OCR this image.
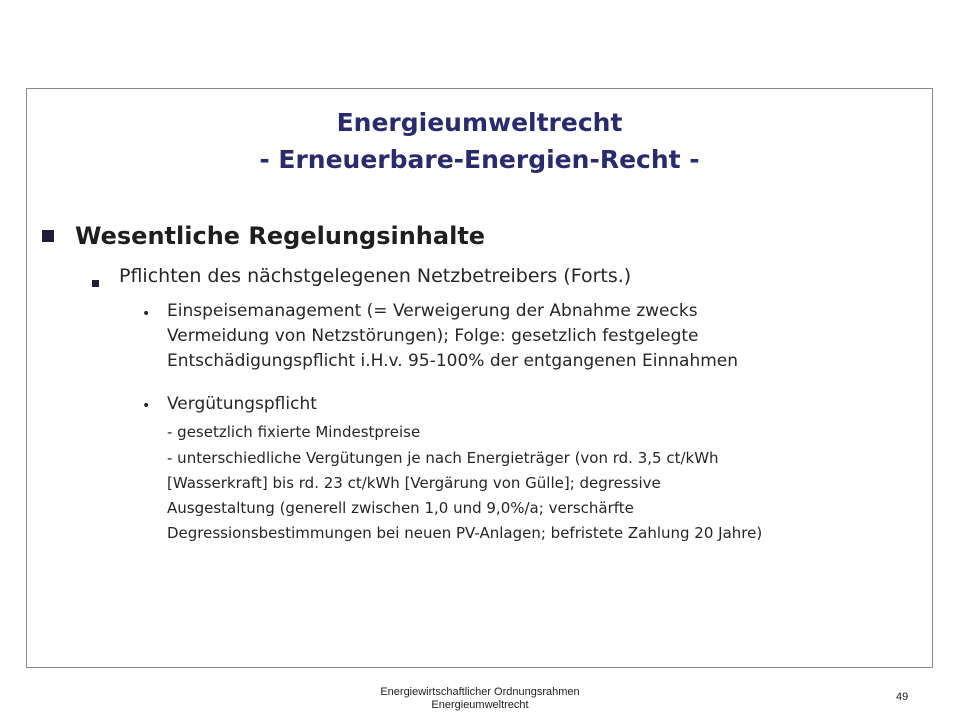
Energieumweltrecht
- Erneuerbare-Energien-Recht -
Wesentliche Regelungsinhalte
Pflichten des nächstgelegenen Netzbetreibers (Forts.)
• Einspeisemanagement (= Verweigerung der Abnahme zwecks
Vermeidung von Netzstörungen); Folge: gesetzlich festgelegte
Entschädigungspflicht i.H.v. 95-100% der entgangenen Einnahmen
• Vergütungspflicht
- gesetzlich fixierte Mindestpreise
- unterschiedliche Vergütungen je nach Energieträger (von rd. 3,5 ct/kWh
[Wasserkraft] bis rd. 23 ct/kWh [Vergärung von Gülle]; degressive
Ausgestaltung (generell zwischen 1,0 und 9,0%/a; verschärfte
Degressionsbestimmungen bei neuen PV-Anlagen; befristete Zahlung 20 Jahre)
Energiewirtschaftlicher Ordnungsrahmen
Energieumweltrecht
49
